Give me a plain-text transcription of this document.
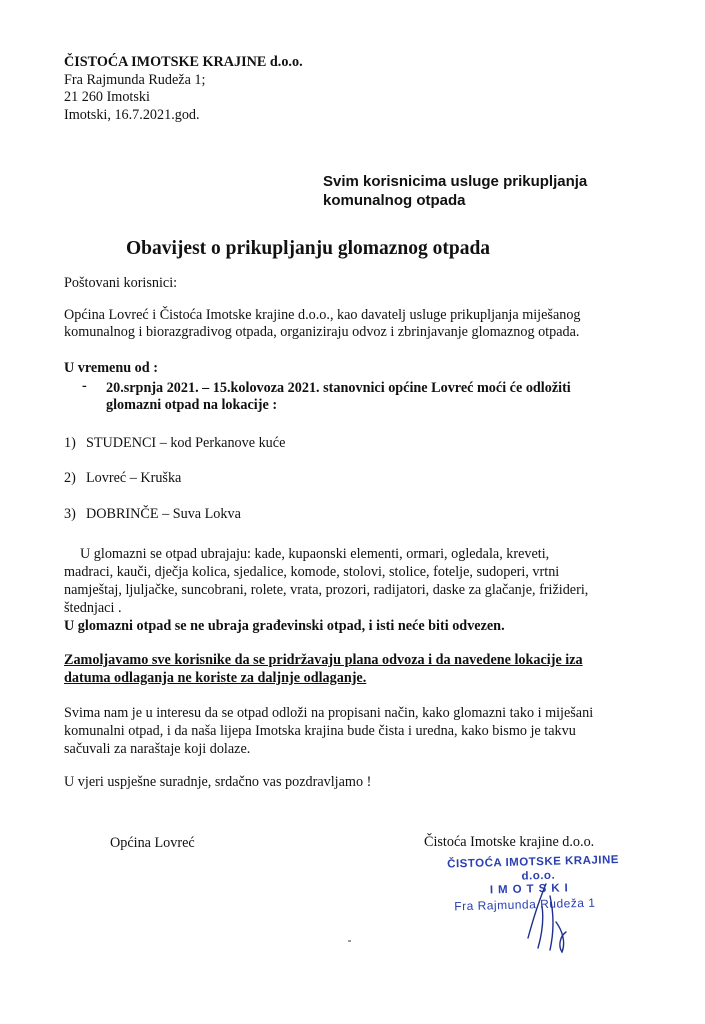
ČISTOĆA IMOTSKE KRAJINE d.o.o.
Fra Rajmunda Rudeža 1;
21 260 Imotski
Imotski, 16.7.2021.god.
Svim korisnicima usluge prikupljanja
komunalnog otpada
Obavijest o prikupljanju glomaznog otpada
Poštovani korisnici:
Općina Lovreć i Čistoća Imotske krajine d.o.o., kao davatelj usluge prikupljanja miješanog
komunalnog i biorazgradivog otpada, organiziraju odvoz i zbrinjavanje glomaznog otpada.
U vremenu od :
- 20.srpnja 2021. – 15.kolovoza 2021. stanovnici općine Lovreć moći će odložiti
glomazni otpad na lokacije :
1) STUDENCI – kod Perkanove kuće
2) Lovreć – Kruška
3) DOBRINČE – Suva Lokva
U glomazni se otpad ubrajaju: kade, kupaonski elementi, ormari, ogledala, kreveti,
madraci, kauči, dječja kolica, sjedalice, komode, stolovi, stolice, fotelje, sudoperi, vrtni
namještaj, ljuljačke, suncobrani, rolete, vrata, prozori, radijatori, daske za glačanje, frižideri,
štednjaci .
U glomazni otpad se ne ubraja građevinski otpad, i isti neće biti odvezen.
Zamoljavamo sve korisnike da se pridržavaju plana odvoza i da navedene lokacije iza
datuma odlaganja ne koriste za daljnje odlaganje.
Svima nam je u interesu da se otpad odloži na propisani način, kako glomazni tako i miješani
komunalni otpad, i da naša lijepa Imotska krajina bude čista i uredna, kako bismo je takvu
sačuvali za naraštaje koji dolaze.
U vjeri uspješne suradnje, srdačno vas pozdravljamo !
Općina Lovreć	Čistoća Imotske krajine d.o.o.
ČISTOĆA IMOTSKE KRAJINE
d.o.o.
IMOTSKI
Fra Rajmunda Rudeža 1
